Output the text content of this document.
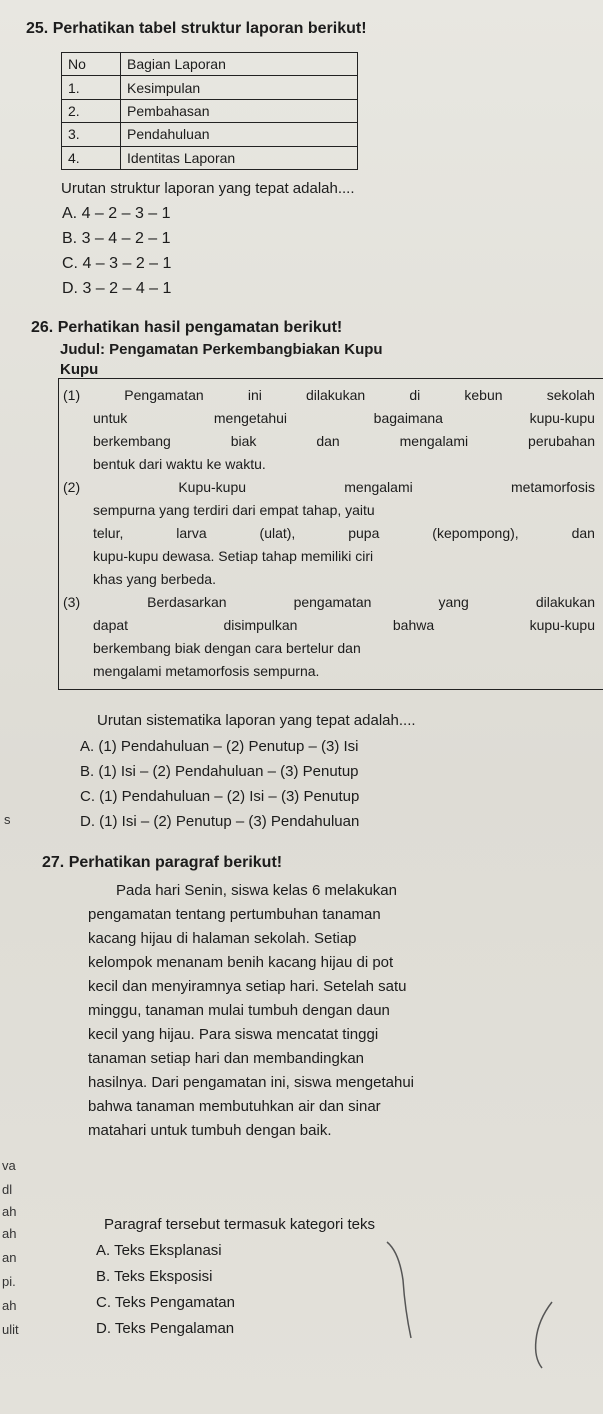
25. Perhatikan tabel struktur laporan berikut!
No	Bagian Laporan
1.	Kesimpulan
2.	Pembahasan
3.	Pendahuluan
4.	Identitas Laporan
Urutan struktur laporan yang tepat adalah....
A. 4 – 2 – 3 – 1
B. 3 – 4 – 2 – 1
C. 4 – 3 – 2 – 1
D. 3 – 2 – 4 – 1
26. Perhatikan hasil pengamatan berikut!
Judul: Pengamatan Perkembangbiakan Kupu
Kupu
(1)	Pengamatan	ini	dilakukan	di	kebun	sekolah
untuk	mengetahui	bagaimana	kupu-kupu
berkembang	biak	dan	mengalami	perubahan
bentuk dari waktu ke waktu.
(2)	Kupu-kupu	mengalami	metamorfosis
sempurna yang terdiri dari empat tahap, yaitu
telur,	larva	(ulat),	pupa	(kepompong),	dan
kupu-kupu dewasa. Setiap tahap memiliki ciri
khas yang berbeda.
(3)	Berdasarkan	pengamatan	yang	dilakukan
dapat	disimpulkan	bahwa	kupu-kupu
berkembang biak dengan cara bertelur dan
mengalami metamorfosis sempurna.
Urutan sistematika laporan yang tepat adalah....
A. (1) Pendahuluan – (2) Penutup – (3) Isi
B. (1) Isi – (2) Pendahuluan – (3) Penutup
C. (1) Pendahuluan – (2) Isi – (3) Penutup
D. (1) Isi – (2) Penutup – (3) Pendahuluan
27. Perhatikan paragraf berikut!
Pada hari Senin, siswa kelas 6 melakukan
pengamatan tentang pertumbuhan tanaman
kacang hijau di halaman sekolah. Setiap
kelompok menanam benih kacang hijau di pot
kecil dan menyiramnya setiap hari. Setelah satu
minggu, tanaman mulai tumbuh dengan daun
kecil yang hijau. Para siswa mencatat tinggi
tanaman setiap hari dan membandingkan
hasilnya. Dari pengamatan ini, siswa mengetahui
bahwa tanaman membutuhkan air dan sinar
matahari untuk tumbuh dengan baik.
Paragraf tersebut termasuk kategori teks
A. Teks Eksplanasi
B. Teks Eksposisi
C. Teks Pengamatan
D. Teks Pengalaman
va
dl
ah
ah
an
pi.
ah
ulit
s
